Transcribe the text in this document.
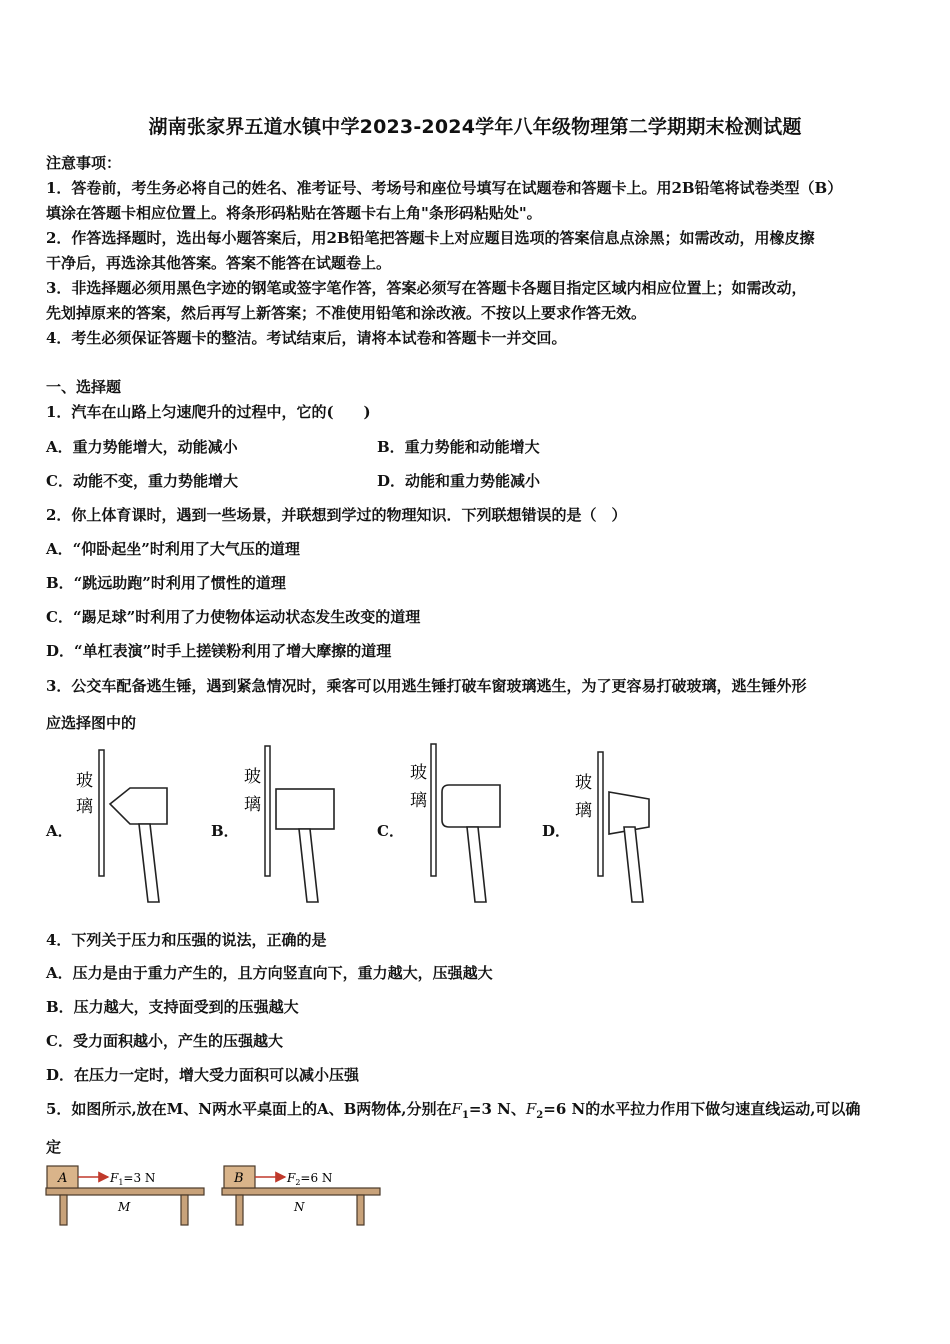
湖南张家界五道水镇中学2023-2024学年八年级物理第二学期期末检测试题
注意事项：
1．答卷前，考生务必将自己的姓名、准考证号、考场号和座位号填写在试题卷和答题卡上。用2B铅笔将试卷类型（B）
填涂在答题卡相应位置上。将条形码粘贴在答题卡右上角"条形码粘贴处"。
2．作答选择题时，选出每小题答案后，用2B铅笔把答题卡上对应题目选项的答案信息点涂黑；如需改动，用橡皮擦
干净后，再选涂其他答案。答案不能答在试题卷上。
3．非选择题必须用黑色字迹的钢笔或签字笔作答，答案必须写在答题卡各题目指定区域内相应位置上；如需改动，
先划掉原来的答案，然后再写上新答案；不准使用铅笔和涂改液。不按以上要求作答无效。
4．考生必须保证答题卡的整洁。考试结束后，请将本试卷和答题卡一并交回。
一、选择题
1．汽车在山路上匀速爬升的过程中，它的(　　)
A．重力势能增大，动能减小	B．重力势能和动能增大
C．动能不变，重力势能增大	D．动能和重力势能减小
2．你上体育课时，遇到一些场景，并联想到学过的物理知识．下列联想错误的是（　）
A．“仰卧起坐”时利用了大气压的道理
B．“跳远助跑”时利用了惯性的道理
C．“踢足球”时利用了力使物体运动状态发生改变的道理
D．“单杠表演”时手上搓镁粉利用了增大摩擦的道理
3．公交车配备逃生锤，遇到紧急情况时，乘客可以用逃生锤打破车窗玻璃逃生，为了更容易打破玻璃，逃生锤外形
应选择图中的
A．	B．	C．	D．
玻
璃
玻
璃
玻
璃
玻
璃
4．下列关于压力和压强的说法，正确的是
A．压力是由于重力产生的，且方向竖直向下，重力越大，压强越大
B．压力越大，支持面受到的压强越大
C．受力面积越小，产生的压强越大
D．在压力一定时，增大受力面积可以减小压强
5．如图所示,放在M、N两水平桌面上的A、B两物体,分别在$F_1=3$ N、$F_2=6$ N的水平拉力作用下做匀速直线运动,可以确
定
A	$F_1=3$ N
M
B	$F_2=6$ N
N
